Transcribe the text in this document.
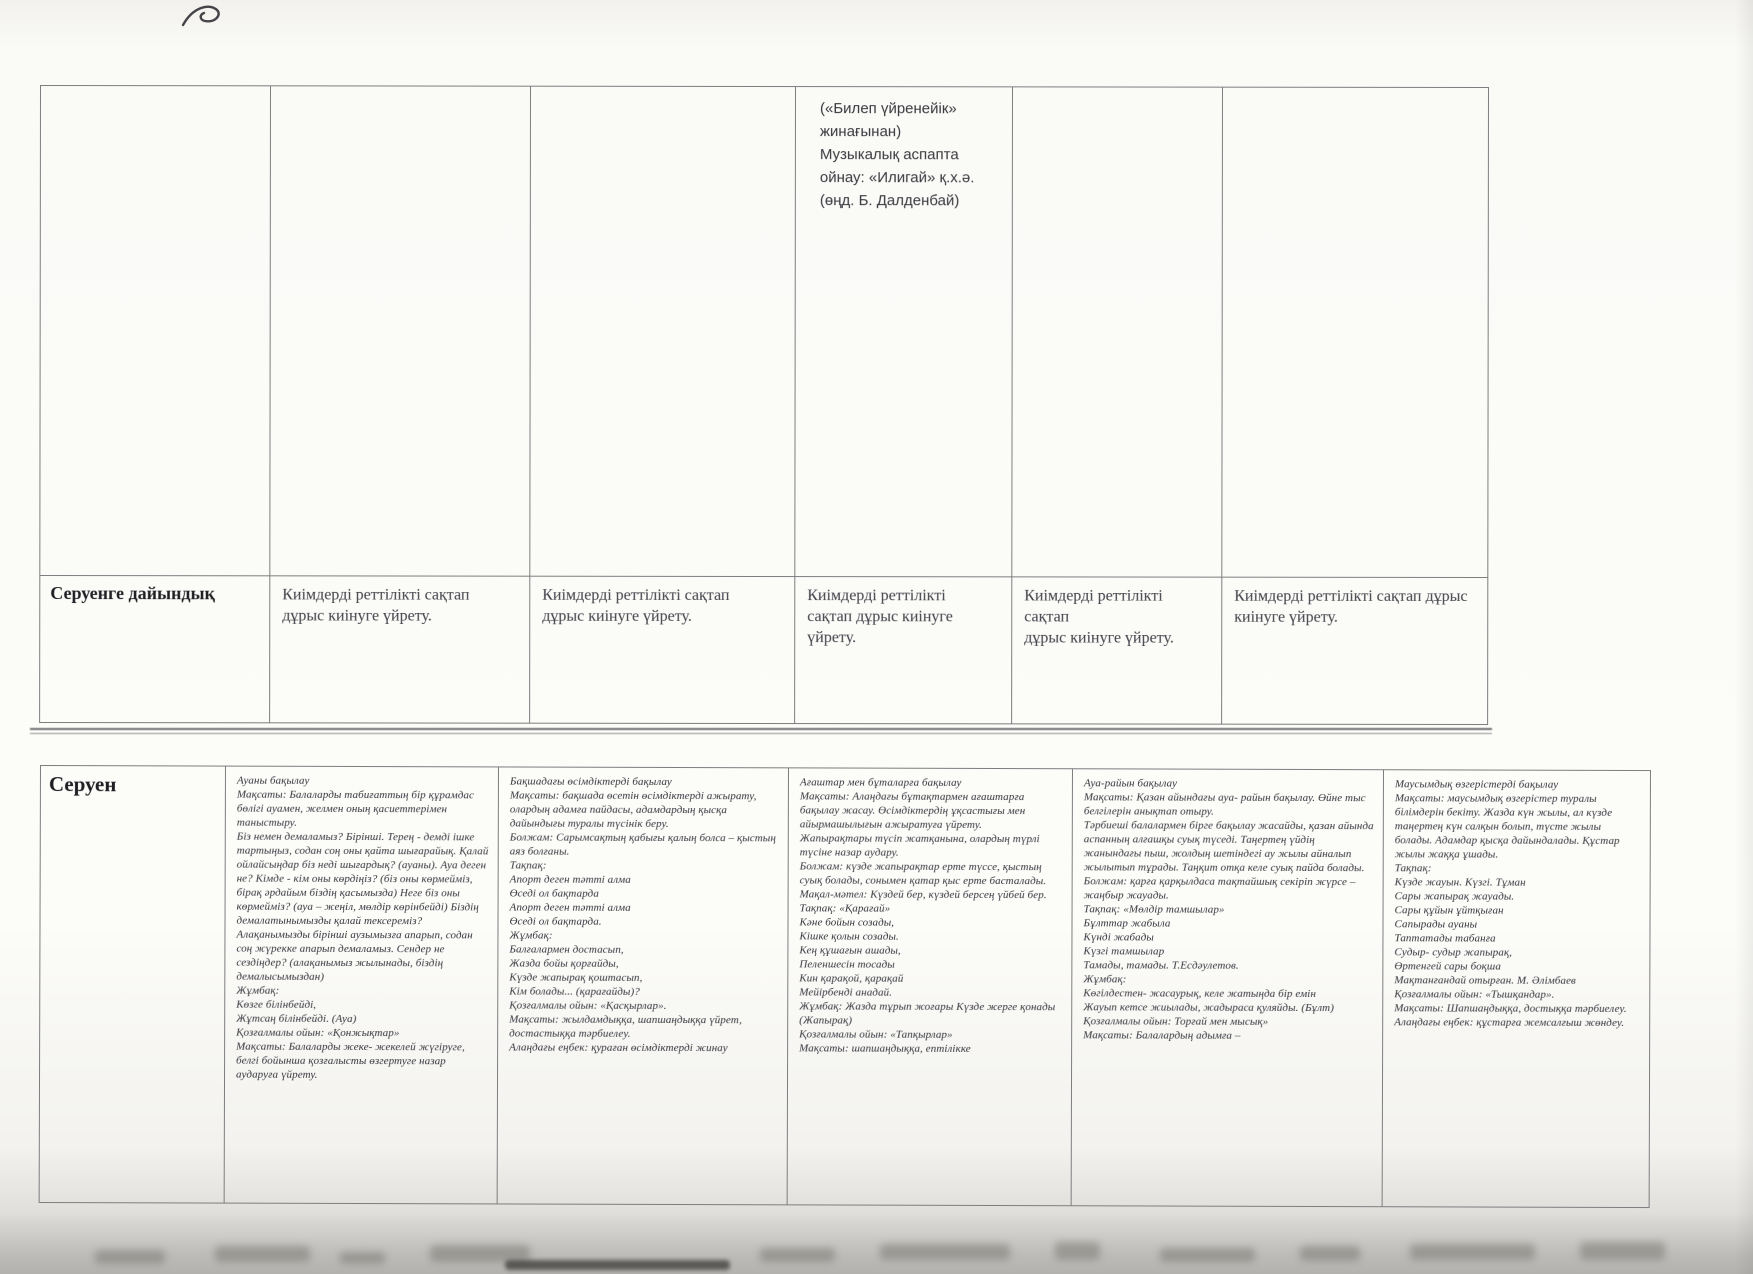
(«Билеп үйренейік»
жинағынан)
Музыкалық аспапта
ойнау: «Илигай» қ.х.ә.
(өңд. Б. Далденбай)
Серуенге дайындық	Киімдерді реттілікті сақтап
дұрыс киінуге үйрету.
Киімдерді реттілікті сақтап
дұрыс киінуге үйрету.
Киімдерді реттілікті
сақтап дұрыс киінуге
үйрету.
Киімдерді реттілікті сақтап
дұрыс киінуге үйрету.
Киімдерді реттілікті сақтап дұрыс
киінуге үйрету.
Серуен	Ауаны бақылау
Мақсаты: Балаларды табиғаттың бір құрамдас бөлігі ауамен, желмен оның қасиеттерімен таныстыру.
Біз немен демаламыз? Бірінші. Терең - демді ішке тартыңыз, содан соң оны қайта шығарайық. Қалай ойлайсыңдар біз неді шығардық? (ауаны). Ауа деген не? Кімде - кім оны көрдіңіз? (біз оны көрмейміз, бірақ әрдайым біздің қасымызда) Неге біз оны көрмейміз? (ауа – жеңіл, мөлдір көрінбейді) Біздің демалатынымызды қалай тексереміз? Алақанымызды бірінші аузымызға апарып, содан соң жүрекке апарып демаламыз. Сендер не сездіңдер? (алақанымыз жылынады, біздің демалысымыздан)
Жұмбақ:
Көзге білінбейді,
Жұтсаң білінбейді. (Ауа)
Қозғалмалы ойын: «Қонжықтар»
Мақсаты: Балаларды жеке- жекелей жүгіруге, белгі бойынша қозғалысты өзгертуге назар аударуға үйрету.
Бақшадағы өсімдіктерді бақылау
Мақсаты: бақшада өсетін өсімдіктерді ажырату, олардың адамға пайдасы, адамдардың қысқа дайындығы туралы түсінік беру.
Болжам: Сарымсақтың қабығы қалың болса – қыстың аяз болғаны.
Тақпақ:
Апорт деген тәтті алма
Өседі ол бақтарда
Апорт деген тәтті алма
Өседі ол бақтарда.
Жұмбақ:
Балғалармен достасып,
Жазда бойы қорғайды,
Күзде жапырақ қоштасып,
Кім болады... (қарағайды)?
Қозғалмалы ойын: «Қасқырлар».
Мақсаты: жылдамдыққа, шапшаңдыққа үйрет, достастыққа тәрбиелеу.
Алаңдағы еңбек: қураған өсімдіктерді жинау
Ағаштар мен бұталарға бақылау
Мақсаты: Алаңдағы бұтақтармен ағаштарға бақылау жасау. Өсімдіктердің ұқсастығы мен айырмашылығын ажыратуға үйрету.
Жапырақтары түсіп жатқанына, олардың түрлі түсіне назар аудару.
Болжам: күзде жапырақтар ерте түссе, қыстың суық болады, сонымен қатар қыс ерте басталады.
Мақал-мәтел: Күздей бер, күздей берсең үйбей бер.
Тақпақ: «Қарағай»
Кәне бойын созады,
Кішке қолын созады.
Кең құшағын ашады,
Пеленшесін тосады
Кин қарақой, қарақай
Мейірбенді анадай.
Жұмбақ: Жазда тұрып жоғары Күзде жерге қонады (Жапырақ)
Қозғалмалы ойын: «Тапқырлар»
Мақсаты: шапшаңдыққа, ептілікке
Ауа-райын бақылау
Мақсаты: Қазан айындағы ауа- райын бақылау. Өйне тыс белгілерін анықтап отыру.
Тәрбиеші балалармен бірге бақылау жасайды, қазан айында аспанның алғашқы суық түседі. Таңертең үйдің жанындағы пыш, жолдың шетіндегі ау жылы айналып жылытып тұрады. Таңқит отқа келе суық пайда болады.
Болжам: қарға қарқылдаса тақтайшық секіріп жүрсе – жаңбыр жауады.
Тақпақ: «Мөлдір тамшылар»
Бұлттар жабыла
Күнді жабады
Күзгі тамшылар
Тамады, тамады. Т.Есдәулетов.
Жұмбақ:
Көгілдестен- жасаурық, келе жатыңда бір емін
Жауып кетсе жиылады, жадыраса қуляйды. (Бұлт)
Қозғалмалы ойын: Торғай мен мысық»
Мақсаты: Балалардың адымға –
Маусымдық өзгерістерді бақылау
Мақсаты: маусымдық өзгерістер туралы білімдерін бекіту. Жазда күн жылы, ал күзде таңертең күн салқын болып, түсте жылы болады. Адамдар қысқа дайындалады. Құстар жылы жаққа ұшады.
Тақпақ:
Күзде жауын. Күзгі. Тұман
Сары жапырақ жауады.
Сары құйын ұйтқыған
Сапырады ауаны
Таптатады табанға
Судыр- судыр жапырақ,
Өртенгей сары боқша
Мақтанғандай отырған. М. Әлімбаев
Қозғалмалы ойын: «Тышқандар».
Мақсаты: Шапшаңдыққа, достыққа тәрбиелеу.
Алаңдағы еңбек: құстарға жемсалғыш жөндеу.
